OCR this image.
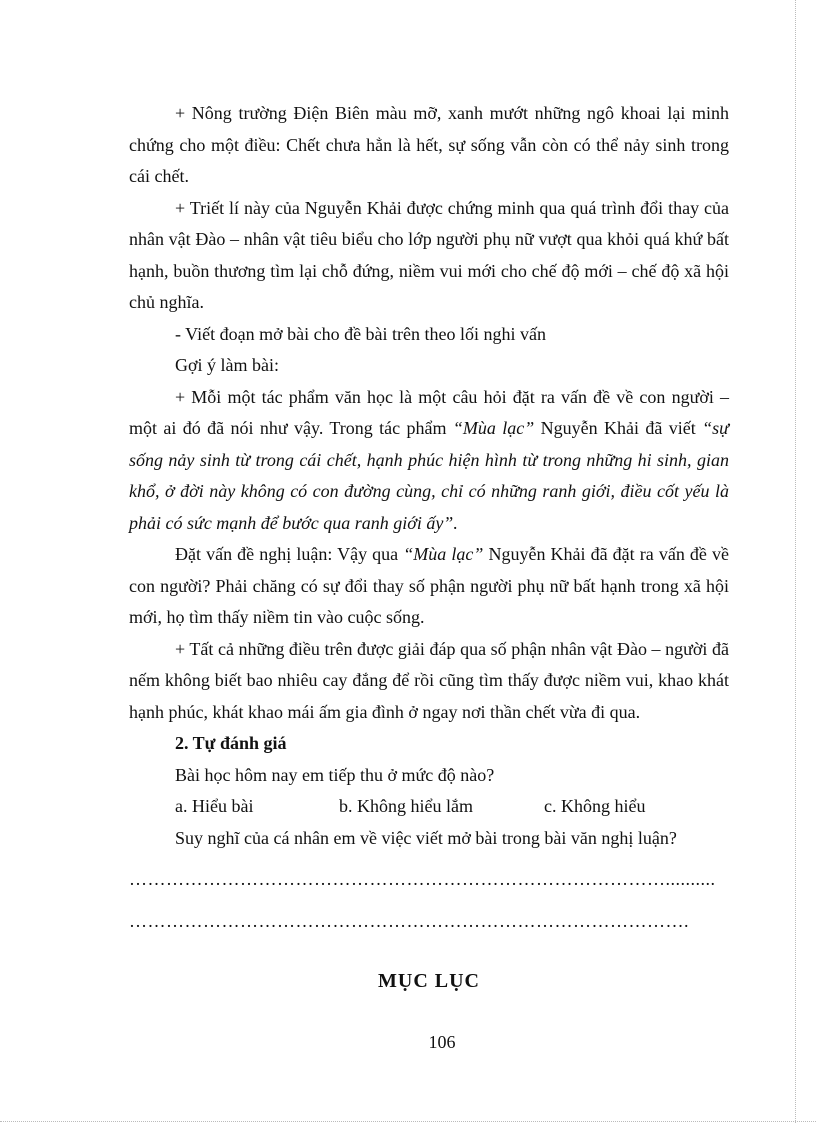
+ Nông trường Điện Biên màu mỡ, xanh mướt những ngô khoai lại minh chứng cho một điều: Chết chưa hẳn là hết, sự sống vẫn còn có thể nảy sinh trong cái chết.

+ Triết lí này của Nguyễn Khải được chứng minh qua quá trình đổi thay của nhân vật Đào – nhân vật tiêu biểu cho lớp người phụ nữ vượt qua khỏi quá khứ bất hạnh, buồn thương tìm lại chỗ đứng, niềm vui mới cho chế độ mới – chế độ xã hội chủ nghĩa.

- Viết đoạn mở bài cho đề bài trên theo lối nghi vấn

Gợi ý làm bài:

+ Mỗi một tác phẩm văn học là một câu hỏi đặt ra vấn đề về con người – một ai đó đã nói như vậy. Trong tác phẩm “Mùa lạc” Nguyễn Khải đã viết “sự sống nảy sinh từ trong cái chết, hạnh phúc hiện hình từ trong những hi sinh, gian khổ, ở đời này không có con đường cùng, chỉ có những ranh giới, điều cốt yếu là phải có sức mạnh để bước qua ranh giới ấy”.

Đặt vấn đề nghị luận: Vậy qua “Mùa lạc” Nguyễn Khải đã đặt ra vấn đề về con người? Phải chăng có sự đổi thay số phận người phụ nữ bất hạnh trong xã hội mới, họ tìm thấy niềm tin vào cuộc sống.

+ Tất cả những điều trên được giải đáp qua số phận nhân vật Đào – người đã nếm không biết bao nhiêu cay đắng để rồi cũng tìm thấy được niềm vui, khao khát hạnh phúc, khát khao mái ấm gia đình ở ngay nơi thần chết vừa đi qua.

2. Tự đánh giá

Bài học hôm nay em tiếp thu ở mức độ nào?

a. Hiểu bài	b. Không hiểu lắm	c. Không hiểu

Suy nghĩ của cá nhân em về việc viết mở bài trong bài văn nghị luận?

……………………………………………………………………………..........
……………………………………………………………………………….
MỤC LỤC
106
